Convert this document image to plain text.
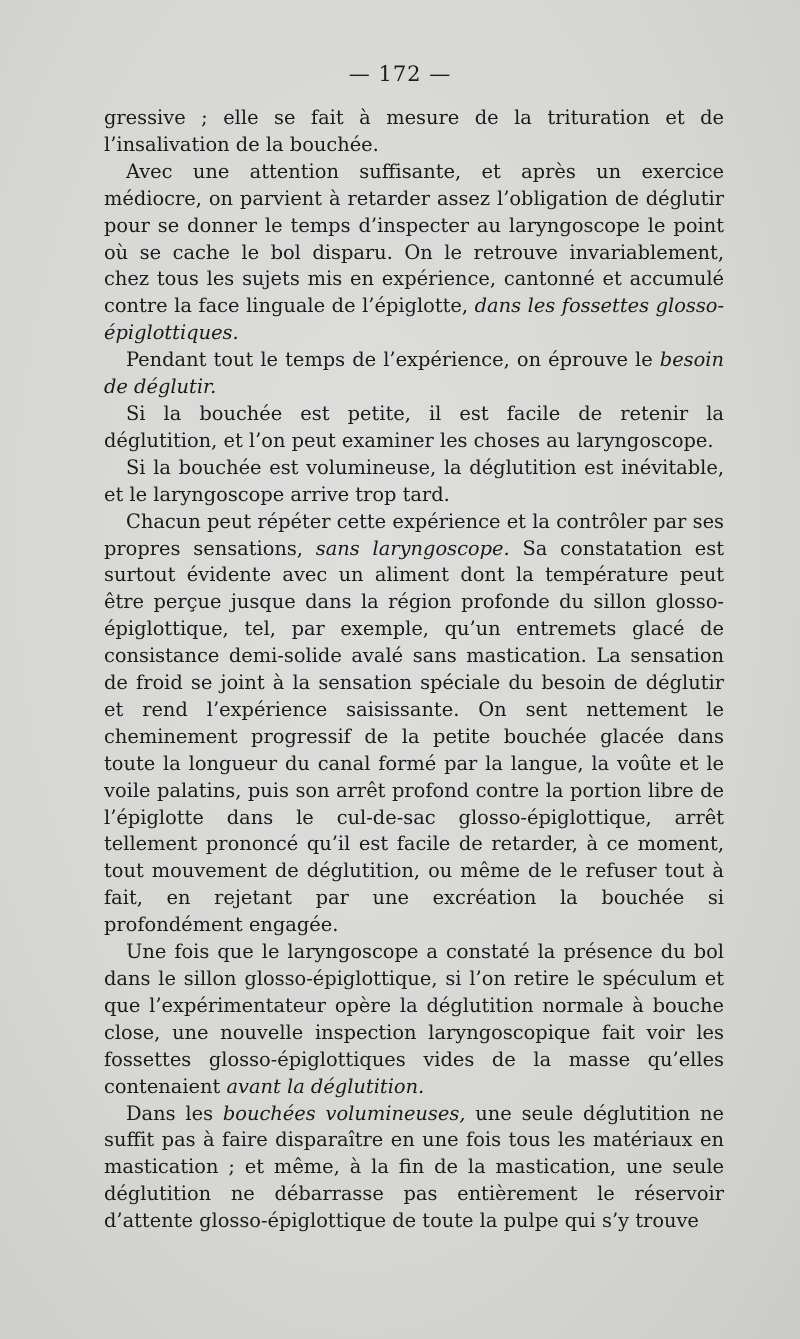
— 172 —

gressive ; elle se fait à mesure de la trituration et de l’insalivation de la bouchée.

Avec une attention suffisante, et après un exercice médiocre, on parvient à retarder assez l’obligation de déglutir pour se donner le temps d’inspecter au laryngoscope le point où se cache le bol disparu. On le retrouve invariablement, chez tous les sujets mis en expérience, cantonné et accumulé contre la face linguale de l’épiglotte, dans les fossettes glosso-épiglottiques.

Pendant tout le temps de l’expérience, on éprouve le besoin de déglutir.

Si la bouchée est petite, il est facile de retenir la déglutition, et l’on peut examiner les choses au laryngoscope.

Si la bouchée est volumineuse, la déglutition est inévitable, et le laryngoscope arrive trop tard.

Chacun peut répéter cette expérience et la contrôler par ses propres sensations, sans laryngoscope. Sa constatation est surtout évidente avec un aliment dont la température peut être perçue jusque dans la région profonde du sillon glosso-épiglottique, tel, par exemple, qu’un entremets glacé de consistance demi-solide avalé sans mastication. La sensation de froid se joint à la sensation spéciale du besoin de déglutir et rend l’expérience saisissante. On sent nettement le cheminement progressif de la petite bouchée glacée dans toute la longueur du canal formé par la langue, la voûte et le voile palatins, puis son arrêt profond contre la portion libre de l’épiglotte dans le cul-de-sac glosso-épiglottique, arrêt tellement prononcé qu’il est facile de retarder, à ce moment, tout mouvement de déglutition, ou même de le refuser tout à fait, en rejetant par une excréation la bouchée si profondément engagée.

Une fois que le laryngoscope a constaté la présence du bol dans le sillon glosso-épiglottique, si l’on retire le spéculum et que l’expérimentateur opère la déglutition normale à bouche close, une nouvelle inspection laryngoscopique fait voir les fossettes glosso-épiglottiques vides de la masse qu’elles contenaient avant la déglutition.

Dans les bouchées volumineuses, une seule déglutition ne suffit pas à faire disparaître en une fois tous les matériaux en mastication ; et même, à la fin de la mastication, une seule déglutition ne débarrasse pas entièrement le réservoir d’attente glosso-épiglottique de toute la pulpe qui s’y trouve
